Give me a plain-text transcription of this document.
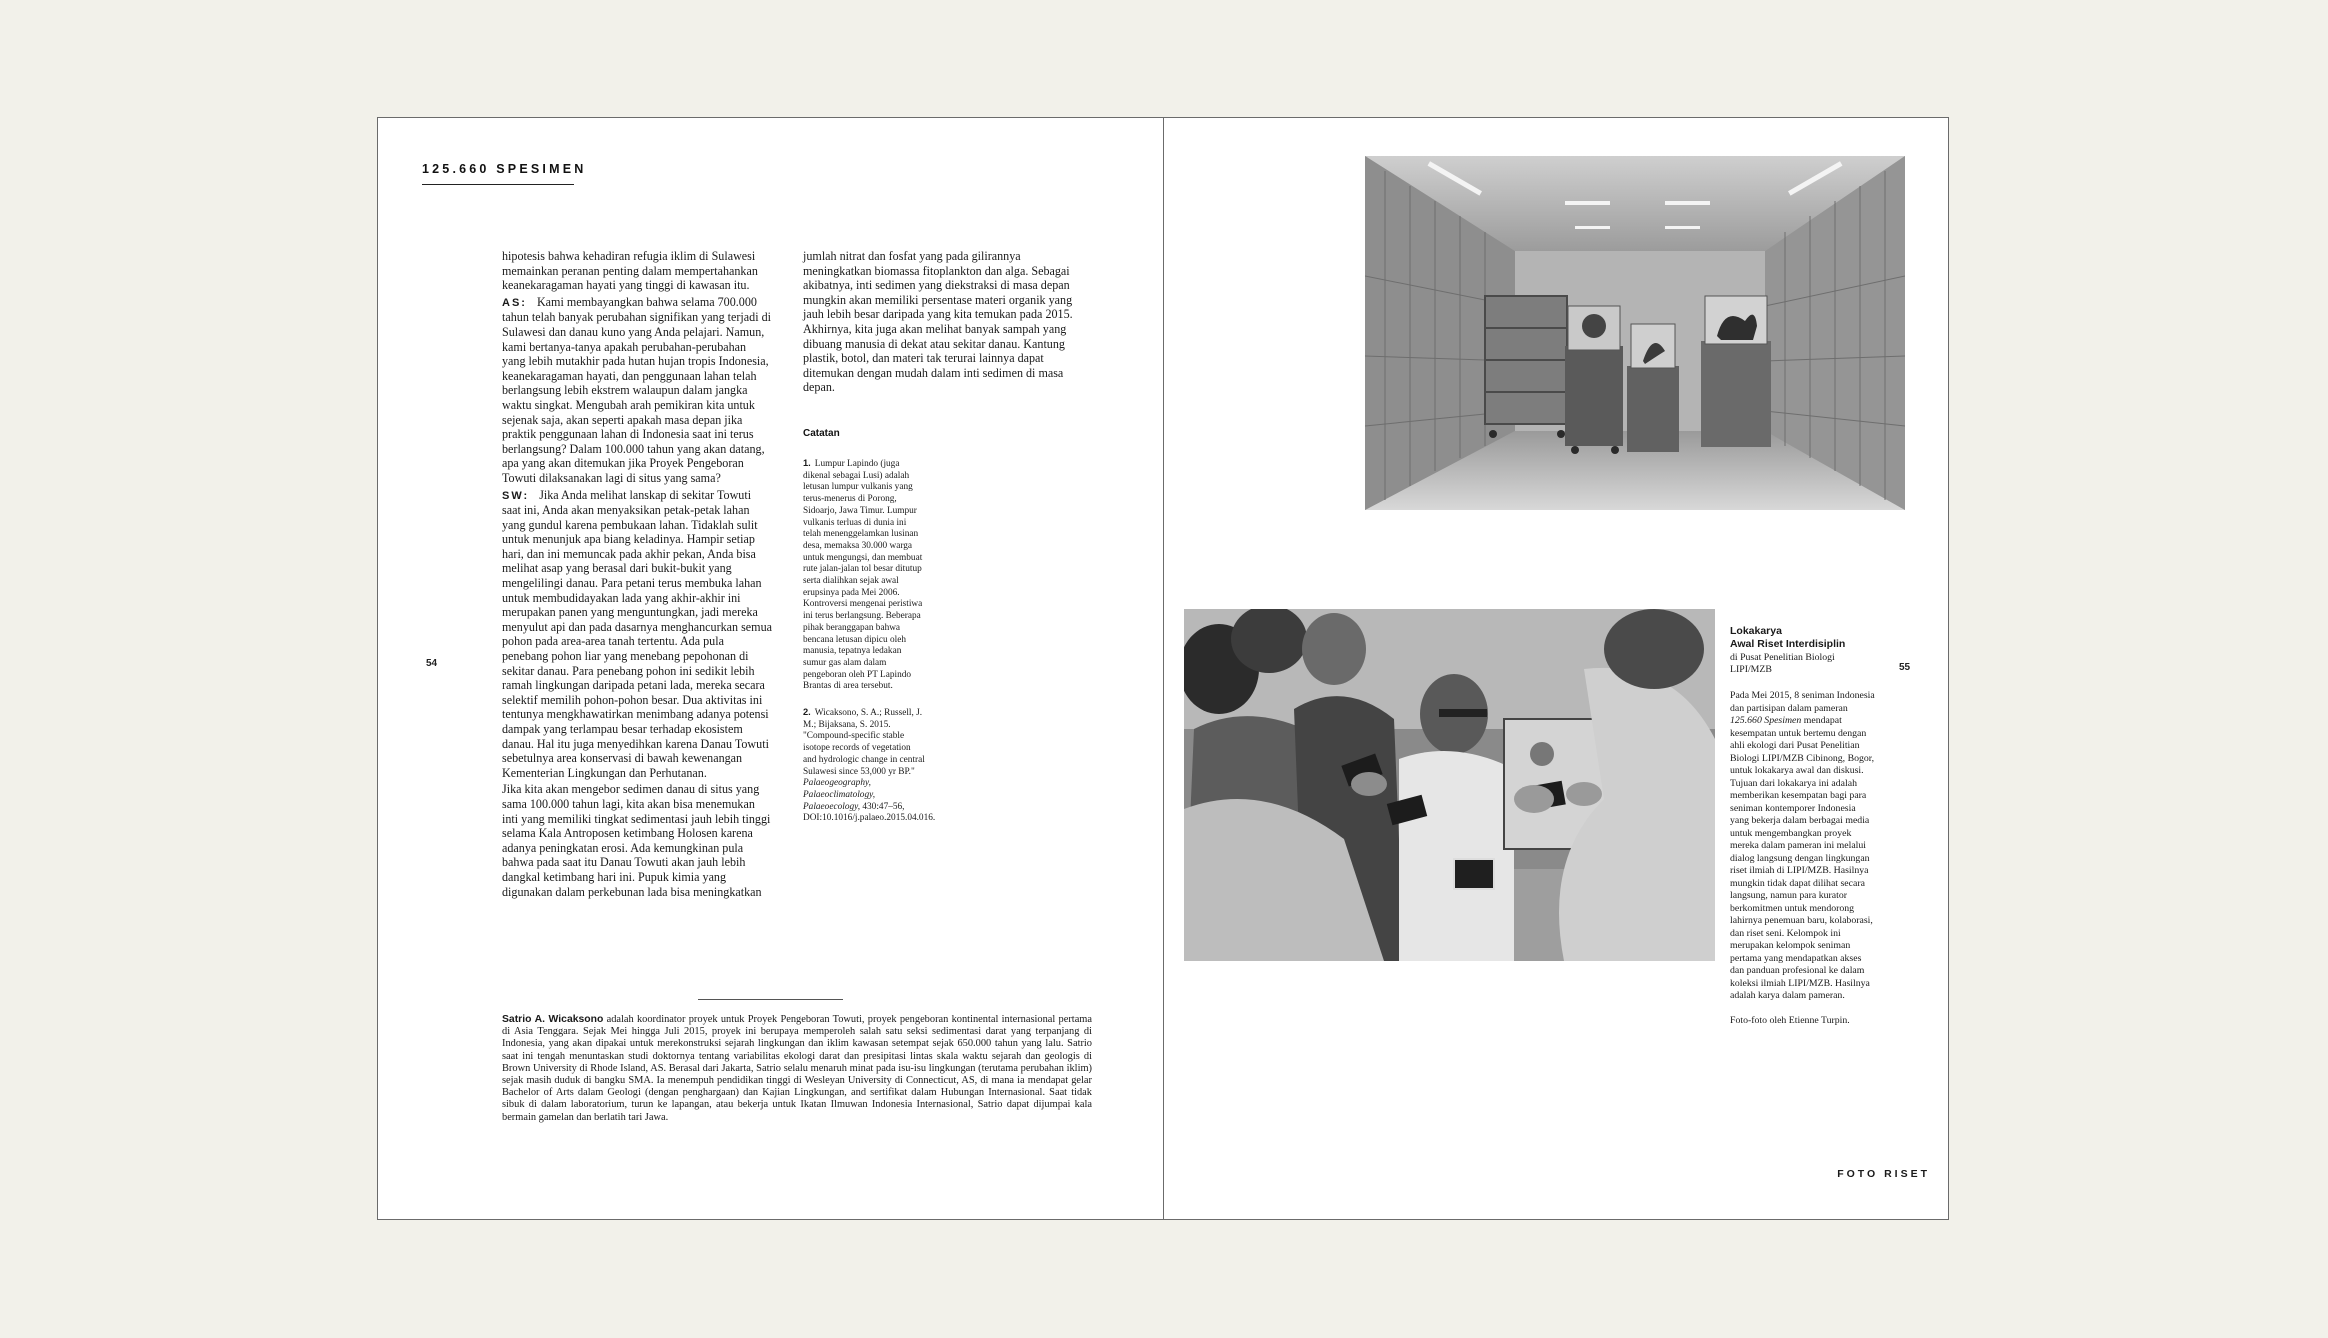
125.660 SPESIMEN
54

hipotesis bahwa kehadiran refugia iklim di Sulawesi memainkan peranan penting dalam mempertahankan keanekaragaman hayati yang tinggi di kawasan itu.

AS: Kami membayangkan bahwa selama 700.000 tahun telah banyak perubahan signifikan yang terjadi di Sulawesi dan danau kuno yang Anda pelajari. Namun, kami bertanya-tanya apakah perubahan-perubahan yang lebih mutakhir pada hutan hujan tropis Indonesia, keanekaragaman hayati, dan penggunaan lahan telah berlangsung lebih ekstrem walaupun dalam jangka waktu singkat. Mengubah arah pemikiran kita untuk sejenak saja, akan seperti apakah masa depan jika praktik penggunaan lahan di Indonesia saat ini terus berlangsung? Dalam 100.000 tahun yang akan datang, apa yang akan ditemukan jika Proyek Pengeboran Towuti dilaksanakan lagi di situs yang sama?

SW: Jika Anda melihat lanskap di sekitar Towuti saat ini, Anda akan menyaksikan petak-petak lahan yang gundul karena pembukaan lahan. Tidaklah sulit untuk menunjuk apa biang keladinya. Hampir setiap hari, dan ini memuncak pada akhir pekan, Anda bisa melihat asap yang berasal dari bukit-bukit yang mengelilingi danau. Para petani terus membuka lahan untuk membudidayakan lada yang akhir-akhir ini merupakan panen yang menguntungkan, jadi mereka menyulut api dan pada dasarnya menghancurkan semua pohon pada area-area tanah tertentu. Ada pula penebang pohon liar yang menebang pepohonan di sekitar danau. Para penebang pohon ini sedikit lebih ramah lingkungan daripada petani lada, mereka secara selektif memilih pohon-pohon besar. Dua aktivitas ini tentunya mengkhawatirkan menimbang adanya potensi dampak yang terlampau besar terhadap ekosistem danau. Hal itu juga menyedihkan karena Danau Towuti sebetulnya area konservasi di bawah kewenangan Kementerian Lingkungan dan Perhutanan.

Jika kita akan mengebor sedimen danau di situs yang sama 100.000 tahun lagi, kita akan bisa menemukan inti yang memiliki tingkat sedimentasi jauh lebih tinggi selama Kala Antroposen ketimbang Holosen karena adanya peningkatan erosi. Ada kemungkinan pula bahwa pada saat itu Danau Towuti akan jauh lebih dangkal ketimbang hari ini. Pupuk kimia yang digunakan dalam perkebunan lada bisa meningkatkan

jumlah nitrat dan fosfat yang pada gilirannya meningkatkan biomassa fitoplankton dan alga. Sebagai akibatnya, inti sedimen yang diekstraksi di masa depan mungkin akan memiliki persentase materi organik yang jauh lebih besar daripada yang kita temukan pada 2015. Akhirnya, kita juga akan melihat banyak sampah yang dibuang manusia di dekat atau sekitar danau. Kantung plastik, botol, dan materi tak terurai lainnya dapat ditemukan dengan mudah dalam inti sedimen di masa depan.

Catatan

1. Lumpur Lapindo (juga dikenal sebagai Lusi) adalah letusan lumpur vulkanis yang terus-menerus di Porong, Sidoarjo, Jawa Timur. Lumpur vulkanis terluas di dunia ini telah menenggelamkan lusinan desa, memaksa 30.000 warga untuk mengungsi, dan membuat rute jalan-jalan tol besar ditutup serta dialihkan sejak awal erupsinya pada Mei 2006. Kontroversi mengenai peristiwa ini terus berlangsung. Beberapa pihak beranggapan bahwa bencana letusan dipicu oleh manusia, tepatnya ledakan sumur gas alam dalam pengeboran oleh PT Lapindo Brantas di area tersebut.

2. Wicaksono, S. A.; Russell, J. M.; Bijaksana, S. 2015. "Compound-specific stable isotope records of vegetation and hydrologic change in central Sulawesi since 53,000 yr BP." Palaeogeography, Palaeoclimatology, Palaeoecology, 430:47–56, DOI:10.1016/j.palaeo.2015.04.016.

Satrio A. Wicaksono adalah koordinator proyek untuk Proyek Pengeboran Towuti, proyek pengeboran kontinental internasional pertama di Asia Tenggara. Sejak Mei hingga Juli 2015, proyek ini berupaya memperoleh salah satu seksi sedimentasi darat yang terpanjang di Indonesia, yang akan dipakai untuk merekonstruksi sejarah lingkungan dan iklim kawasan setempat sejak 650.000 tahun yang lalu. Satrio saat ini tengah menuntaskan studi doktornya tentang variabilitas ekologi darat dan presipitasi lintas skala waktu sejarah dan geologis di Brown University di Rhode Island, AS. Berasal dari Jakarta, Satrio selalu menaruh minat pada isu-isu lingkungan (terutama perubahan iklim) sejak masih duduk di bangku SMA. Ia menempuh pendidikan tinggi di Wesleyan University di Connecticut, AS, di mana ia mendapat gelar Bachelor of Arts dalam Geologi (dengan penghargaan) dan Kajian Lingkungan, and sertifikat dalam Hubungan Internasional. Saat tidak sibuk di dalam laboratorium, turun ke lapangan, atau bekerja untuk Ikatan Ilmuwan Indonesia Internasional, Satrio dapat dijumpai kala bermain gamelan dan berlatih tari Jawa.
Lokakarya
Awal Riset Interdisiplin
di Pusat Penelitian Biologi LIPI/MZB

Pada Mei 2015, 8 seniman Indonesia dan partisipan dalam pameran 125.660 Spesimen mendapat kesempatan untuk bertemu dengan ahli ekologi dari Pusat Penelitian Biologi LIPI/MZB Cibinong, Bogor, untuk lokakarya awal dan diskusi. Tujuan dari lokakarya ini adalah memberikan kesempatan bagi para seniman kontemporer Indonesia yang bekerja dalam berbagai media untuk mengembangkan proyek mereka dalam pameran ini melalui dialog langsung dengan lingkungan riset ilmiah di LIPI/MZB. Hasilnya mungkin tidak dapat dilihat secara langsung, namun para kurator berkomitmen untuk mendorong lahirnya penemuan baru, kolaborasi, dan riset seni. Kelompok ini merupakan kelompok seniman pertama yang mendapatkan akses dan panduan profesional ke dalam koleksi ilmiah LIPI/MZB. Hasilnya adalah karya dalam pameran.

Foto-foto oleh Etienne Turpin.

55
FOTO RISET
